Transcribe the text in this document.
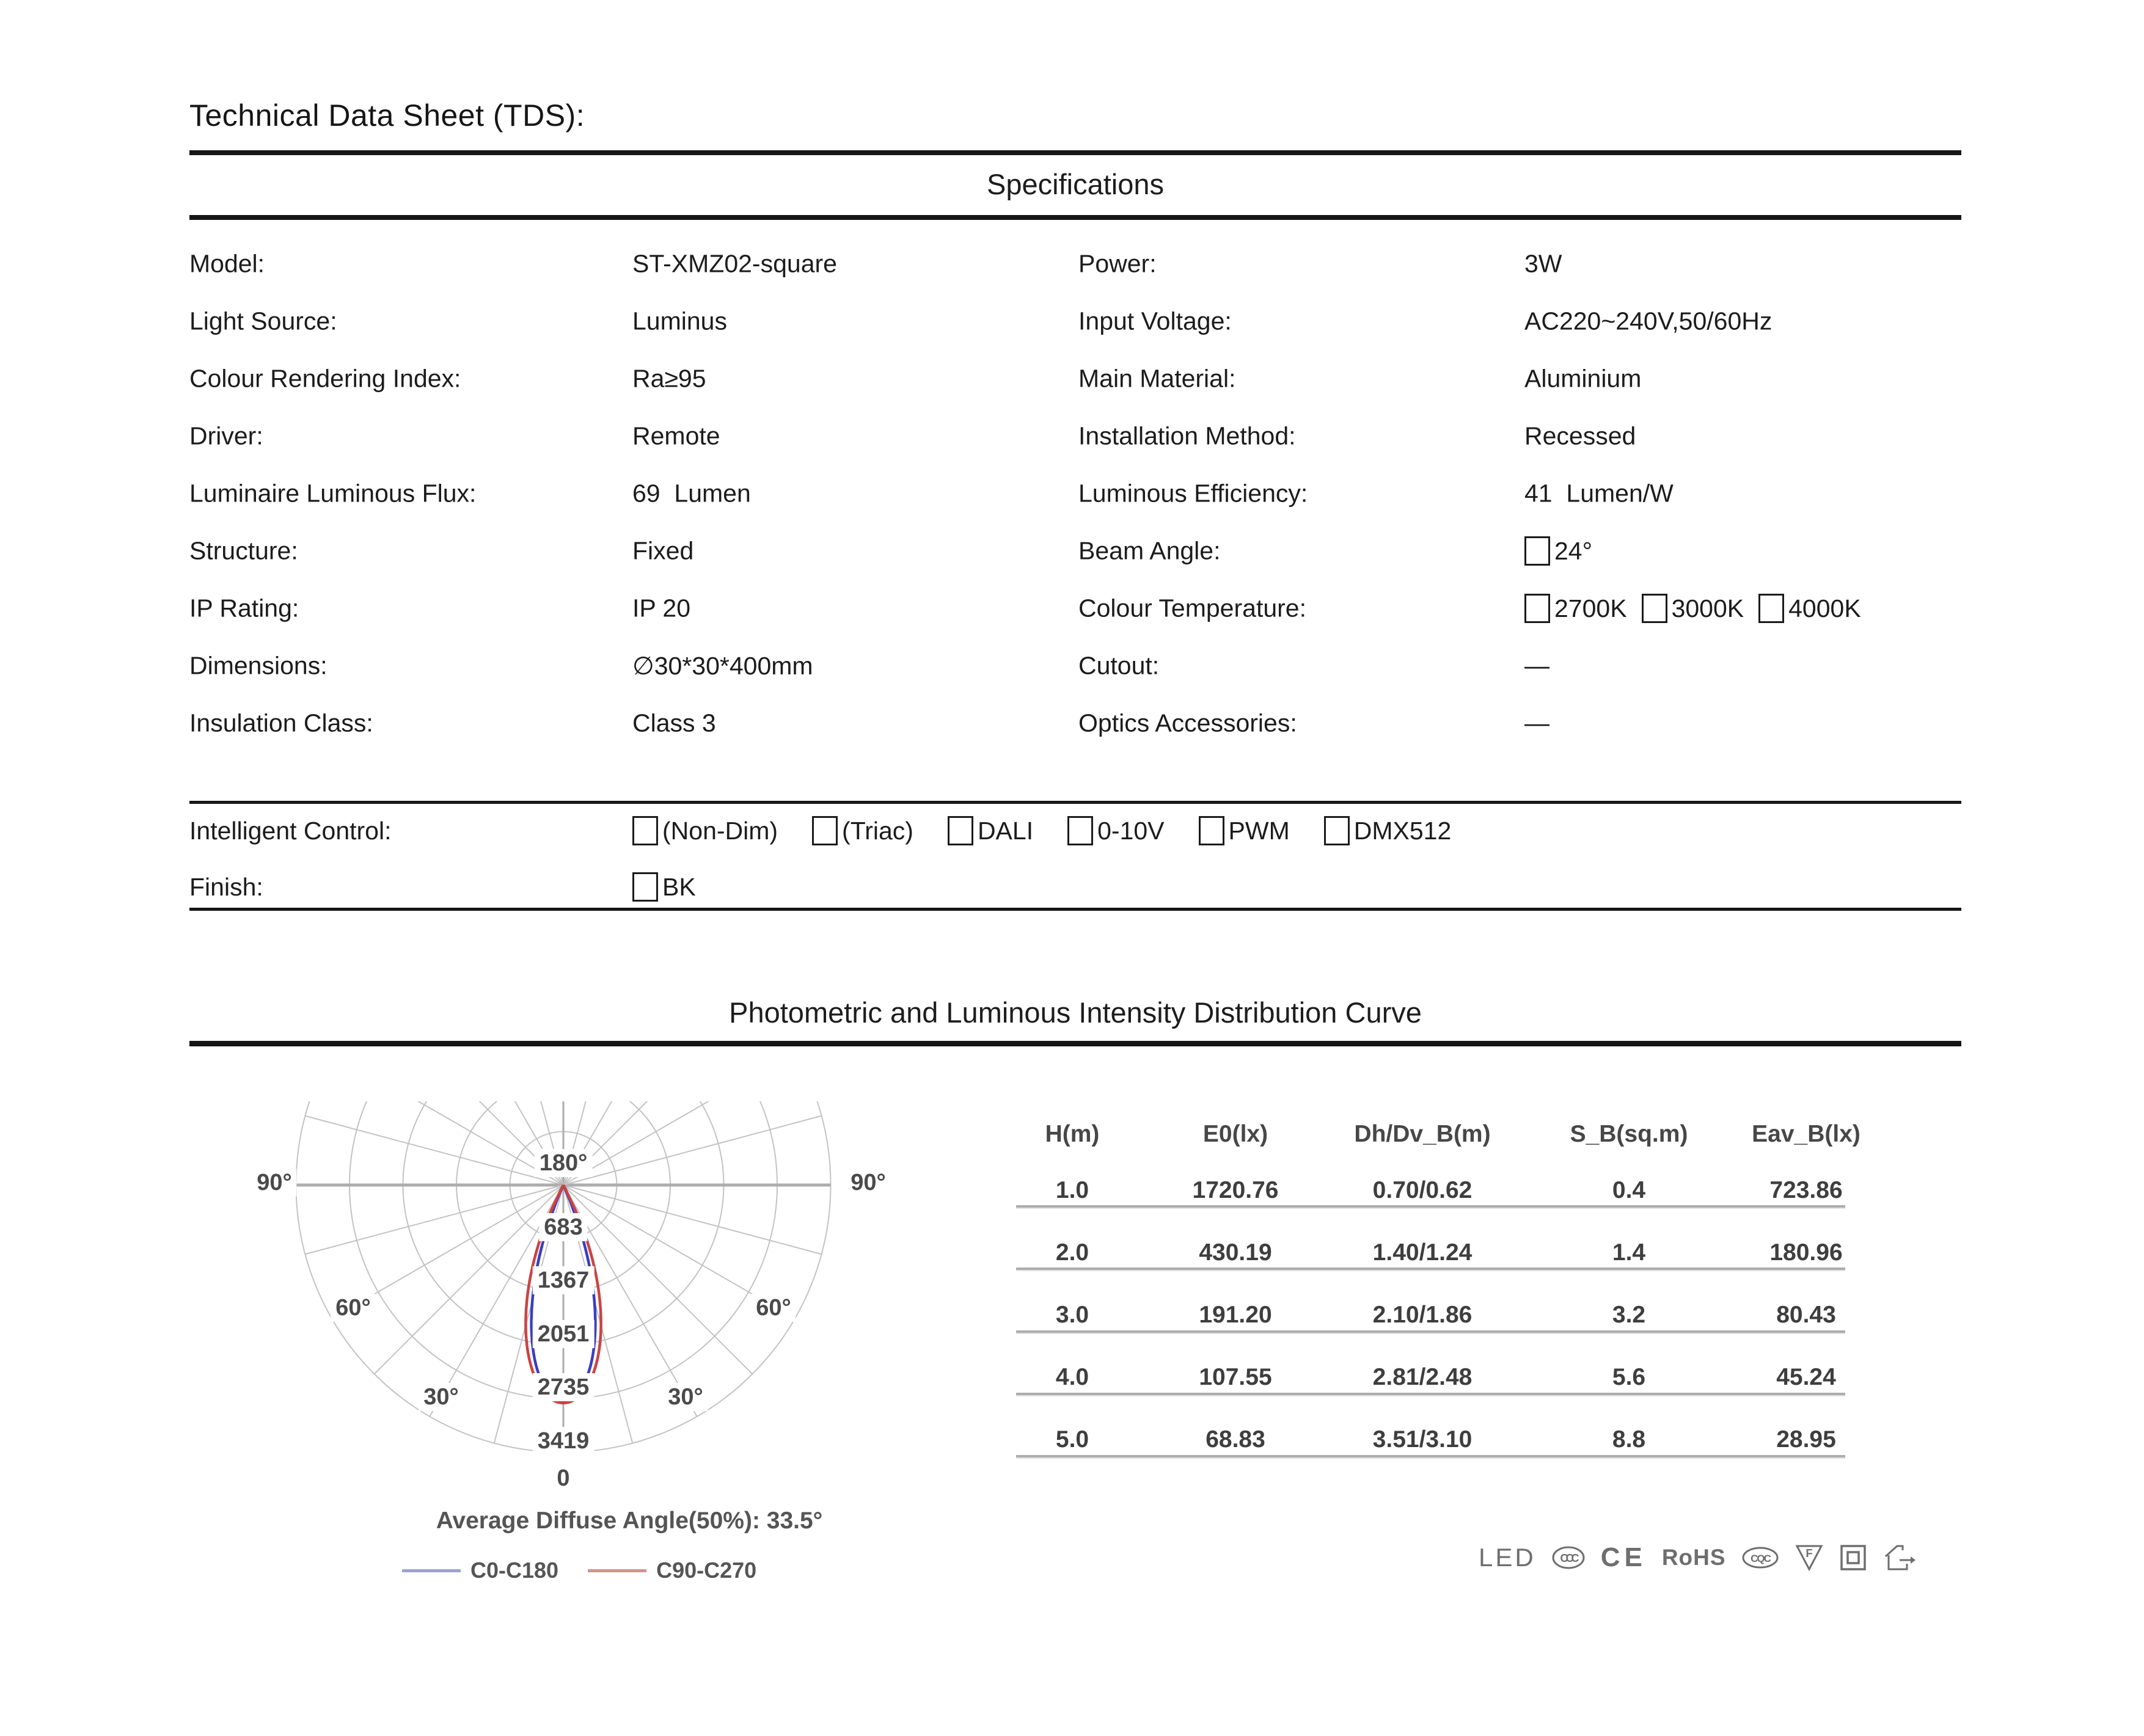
Technical Data Sheet (TDS):
Specifications
Model:	ST-XMZ02-square
Light Source:	Luminus
Colour Rendering Index:	Ra≥95
Driver:	Remote
Luminaire Luminous Flux:	69  Lumen
Structure:	Fixed
IP Rating:	IP 20
Dimensions:	∅30*30*400mm
Insulation Class:	Class 3
Power:	3W
Input Voltage:	AC220~240V,50/60Hz
Main Material:	Aluminium
Installation Method:	Recessed
Luminous Efficiency:	41  Lumen/W
Beam Angle:	24°
Colour Temperature:	2700K 3000K 4000K
Cutout:	—
Optics Accessories:	—
Intelligent Control:	(Non-Dim)	(Triac)	DALI	0-10V	PWM	DMX512
Finish:	BK
Photometric and Luminous Intensity Distribution Curve
683
1367
2051
2735
3419
180°
90°	90°
60°	60°
30°	30°
0
Average Diffuse Angle(50%): 33.5°
C0-C180	C90-C270
H(m)	E0(lx)	Dh/Dv_B(m)	S_B(sq.m)	Eav_B(lx)
1.0	1720.76	0.70/0.62	0.4	723.86
2.0	430.19	1.40/1.24	1.4	180.96
3.0	191.20	2.10/1.86	3.2	80.43
4.0	107.55	2.81/2.48	5.6	45.24
5.0	68.83	3.51/3.10	8.8	28.95
LED CCC CE RoHS CQC	F
